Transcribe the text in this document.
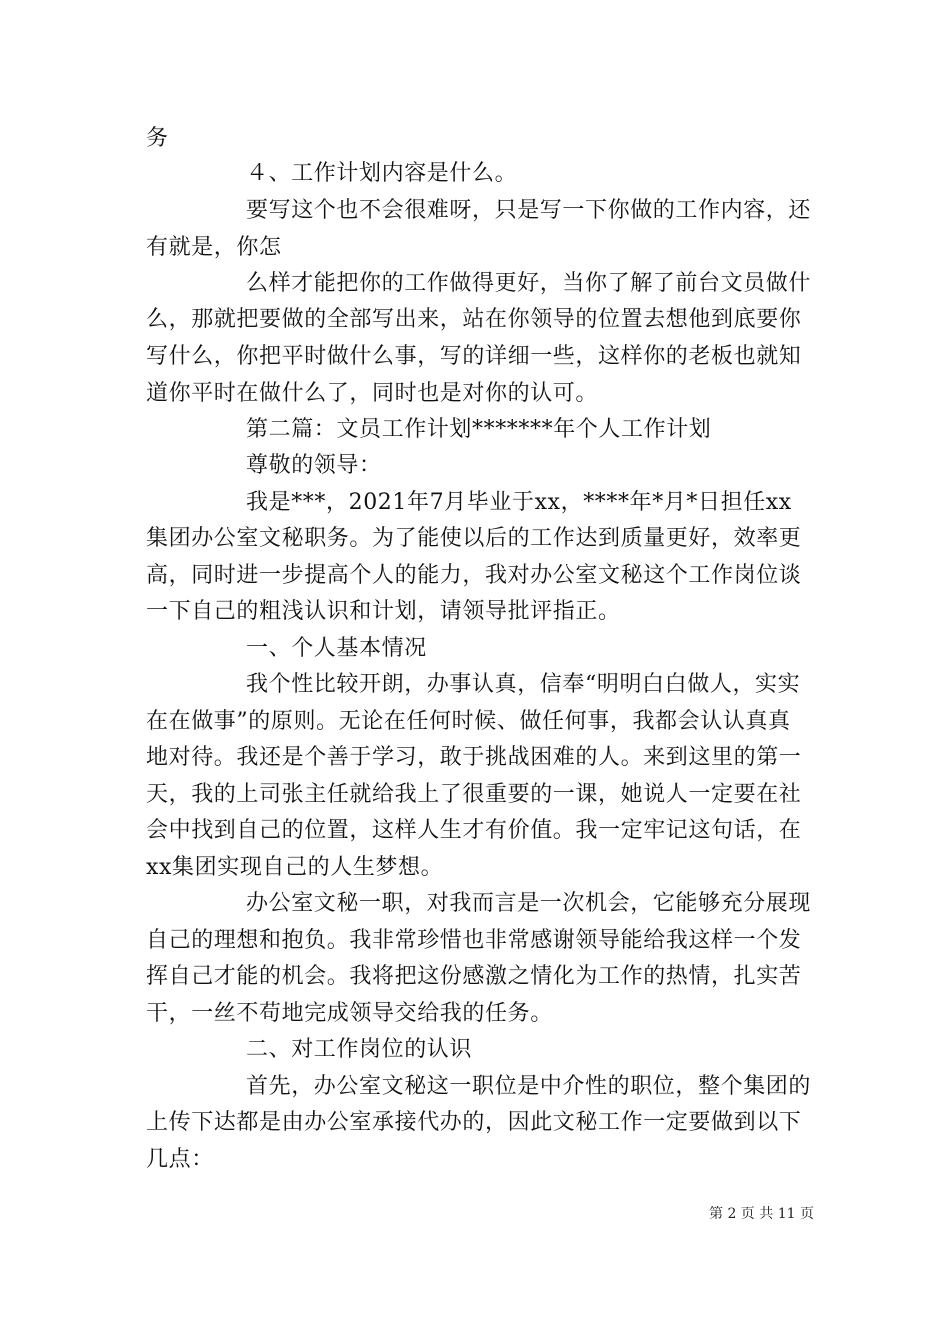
务
４、工作计划内容是什么。
要写这个也不会很难呀，只是写一下你做的工作内容，还
有就是，你怎
么样才能把你的工作做得更好，当你了解了前台文员做什
么，那就把要做的全部写出来，站在你领导的位置去想他到底要你
写什么，你把平时做什么事，写的详细一些，这样你的老板也就知
道你平时在做什么了，同时也是对你的认可。
第二篇：文员工作计划*******年个人工作计划
尊敬的领导：
我是***，2021年7月毕业于xx，****年*月*日担任xx
集团办公室文秘职务。为了能使以后的工作达到质量更好，效率更
高，同时进一步提高个人的能力，我对办公室文秘这个工作岗位谈
一下自己的粗浅认识和计划，请领导批评指正。
一、个人基本情况
我个性比较开朗，办事认真，信奉“明明白白做人，实实
在在做事”的原则。无论在任何时候、做任何事，我都会认认真真
地对待。我还是个善于学习，敢于挑战困难的人。来到这里的第一
天，我的上司张主任就给我上了很重要的一课，她说人一定要在社
会中找到自己的位置，这样人生才有价值。我一定牢记这句话，在
xx集团实现自己的人生梦想。
办公室文秘一职，对我而言是一次机会，它能够充分展现
自己的理想和抱负。我非常珍惜也非常感谢领导能给我这样一个发
挥自己才能的机会。我将把这份感激之情化为工作的热情，扎实苦
干，一丝不苟地完成领导交给我的任务。
二、对工作岗位的认识
首先，办公室文秘这一职位是中介性的职位，整个集团的
上传下达都是由办公室承接代办的，因此文秘工作一定要做到以下
几点：
第 2 页 共 11 页
